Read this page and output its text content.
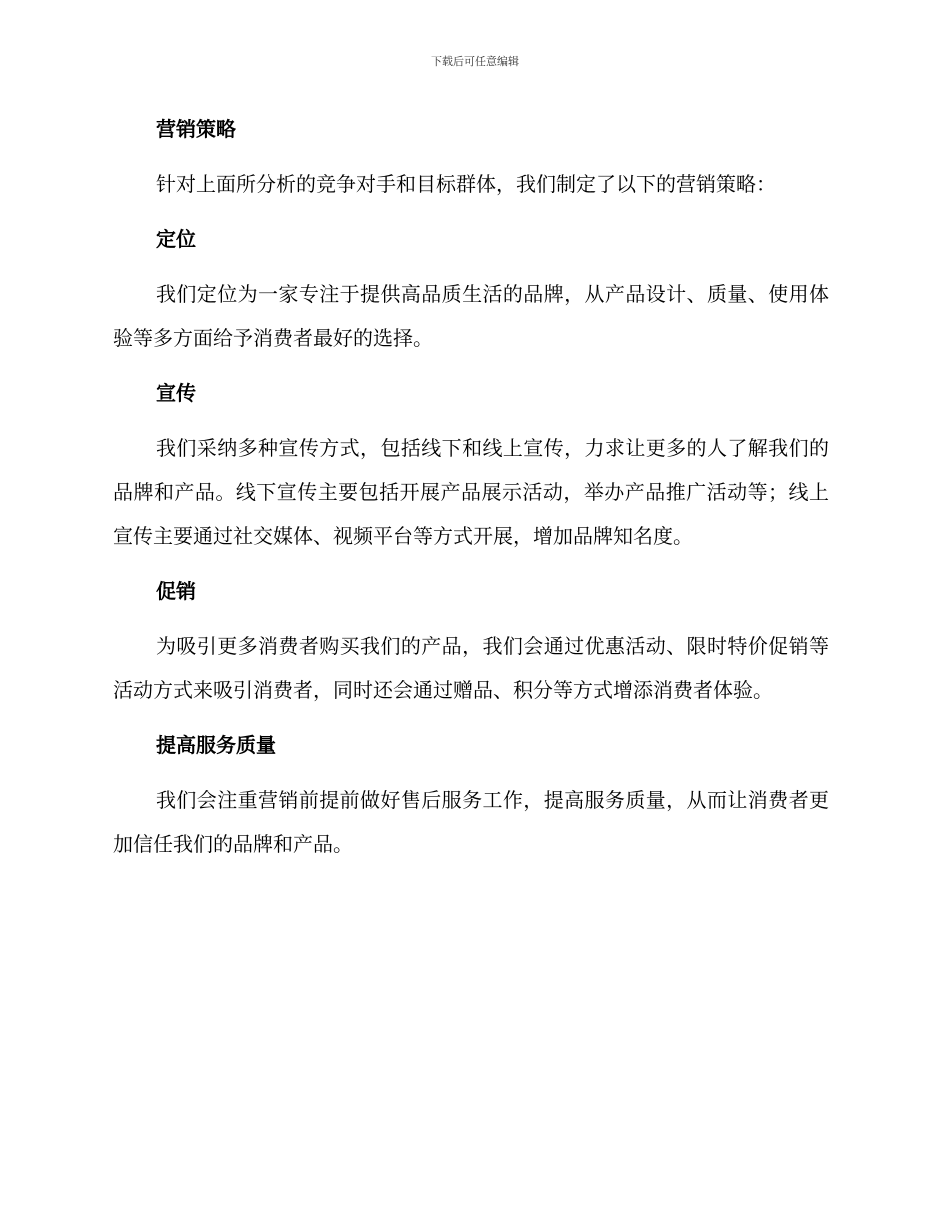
下载后可任意编辑
营销策略

针对上面所分析的竞争对手和目标群体，我们制定了以下的营销策略：

定位

我们定位为一家专注于提供高品质生活的品牌，从产品设计、质量、使用体验等多方面给予消费者最好的选择。

宣传

我们采纳多种宣传方式，包括线下和线上宣传，力求让更多的人了解我们的品牌和产品。线下宣传主要包括开展产品展示活动，举办产品推广活动等；线上宣传主要通过社交媒体、视频平台等方式开展，增加品牌知名度。

促销

为吸引更多消费者购买我们的产品，我们会通过优惠活动、限时特价促销等活动方式来吸引消费者，同时还会通过赠品、积分等方式增添消费者体验。

提高服务质量

我们会注重营销前提前做好售后服务工作，提高服务质量，从而让消费者更加信任我们的品牌和产品。
